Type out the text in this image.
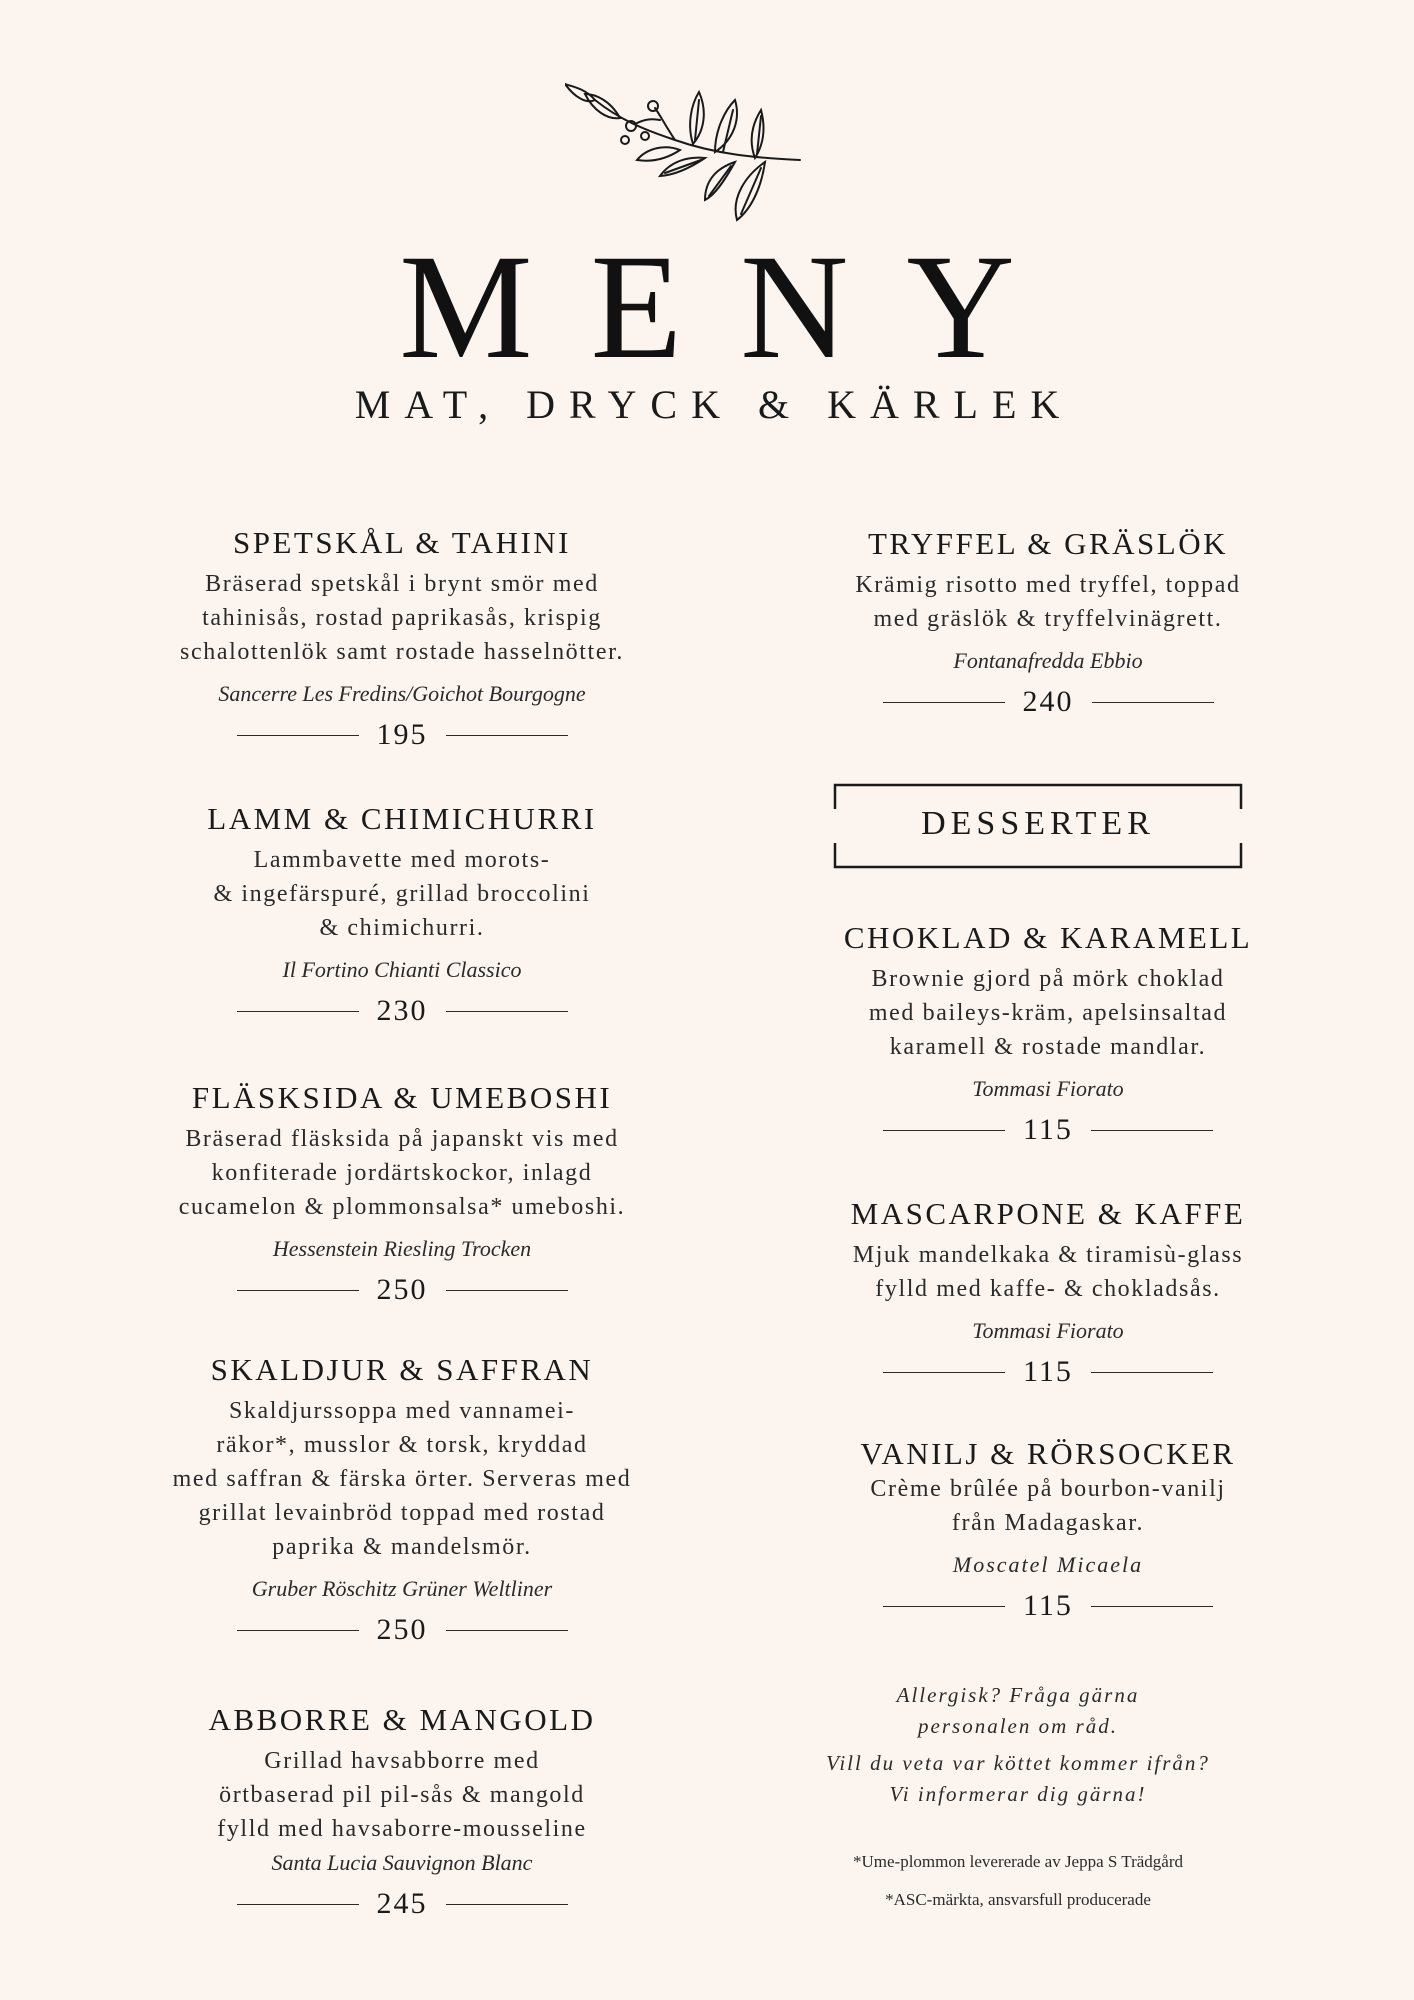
MENY
MAT, DRYCK & KÄRLEK
SPETSKÅL & TAHINI
Bräserad spetskål i brynt smör med
tahinisås, rostad paprikasås, krispig
schalottenlök samt rostade hasselnötter.
Sancerre Les Fredins/Goichot Bourgogne
195
LAMM & CHIMICHURRI
Lammbavette med morots-
& ingefärspuré, grillad broccolini
& chimichurri.
Il Fortino Chianti Classico
230
FLÄSKSIDA & UMEBOSHI
Bräserad fläsksida på japanskt vis med
konfiterade jordärtskockor, inlagd
cucamelon & plommonsalsa* umeboshi.
Hessenstein Riesling Trocken
250
SKALDJUR & SAFFRAN
Skaldjurssoppa med vannamei-
räkor*, musslor & torsk, kryddad
med saffran & färska örter. Serveras med
grillat levainbröd toppad med rostad
paprika & mandelsmör.
Gruber Röschitz Grüner Weltliner
250
ABBORRE & MANGOLD
Grillad havsabborre med
örtbaserad pil pil-sås & mangold
fylld med havsaborre-mousseline
Santa Lucia Sauvignon Blanc
245
TRYFFEL & GRÄSLÖK
Krämig risotto med tryffel, toppad
med gräslök & tryffelvinägrett.
Fontanafredda Ebbio
240
DESSERTER
CHOKLAD & KARAMELL
Brownie gjord på mörk choklad
med baileys-kräm, apelsinsaltad
karamell & rostade mandlar.
Tommasi Fiorato
115
MASCARPONE & KAFFE
Mjuk mandelkaka & tiramisù-glass
fylld med kaffe- & chokladsås.
Tommasi Fiorato
115
VANILJ & RÖRSOCKER
Crème brûlée på bourbon-vanilj
från Madagaskar.
Moscatel Micaela
115
Allergisk? Fråga gärna
personalen om råd.
Vill du veta var köttet kommer ifrån?
Vi informerar dig gärna!
*Ume-plommon levererade av Jeppa S Trädgård
*ASC-märkta, ansvarsfull producerade
